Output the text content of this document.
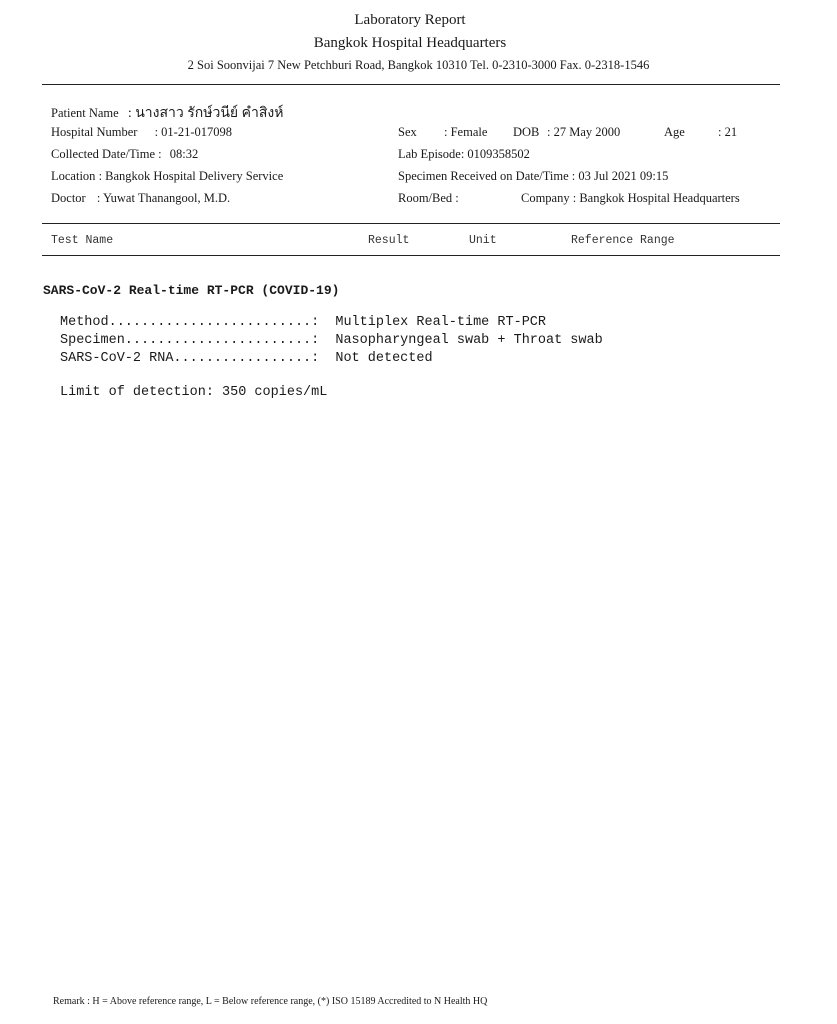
Laboratory Report
Bangkok Hospital Headquarters
2 Soi Soonvijai 7 New Petchburi Road, Bangkok 10310 Tel. 0-2310-3000 Fax. 0-2318-1546
Patient Name : นางสาว รักษ์วนีย์ คำสิงห์
Hospital Number : 01-21-017098
Collected Date/Time : 08:32
Location : Bangkok Hospital Delivery Service
Doctor : Yuwat Thanangool, M.D.
Sex : Female DOB : 27 May 2000	Age	: 21
Lab Episode: 0109358502
Specimen Received on Date/Time : 03 Jul 2021 09:15
Room/Bed :	Company : Bangkok Hospital Headquarters
Test Name	Result	Unit	Reference Range
SARS-CoV-2 Real-time RT-PCR (COVID-19)
Method.........................: Multiplex Real-time RT-PCR
Specimen.......................: Nasopharyngeal swab + Throat swab
SARS-CoV-2 RNA.................: Not detected
Limit of detection: 350 copies/mL
Remark : H = Above reference range, L = Below reference range, (*) ISO 15189 Accredited to N Health HQ
